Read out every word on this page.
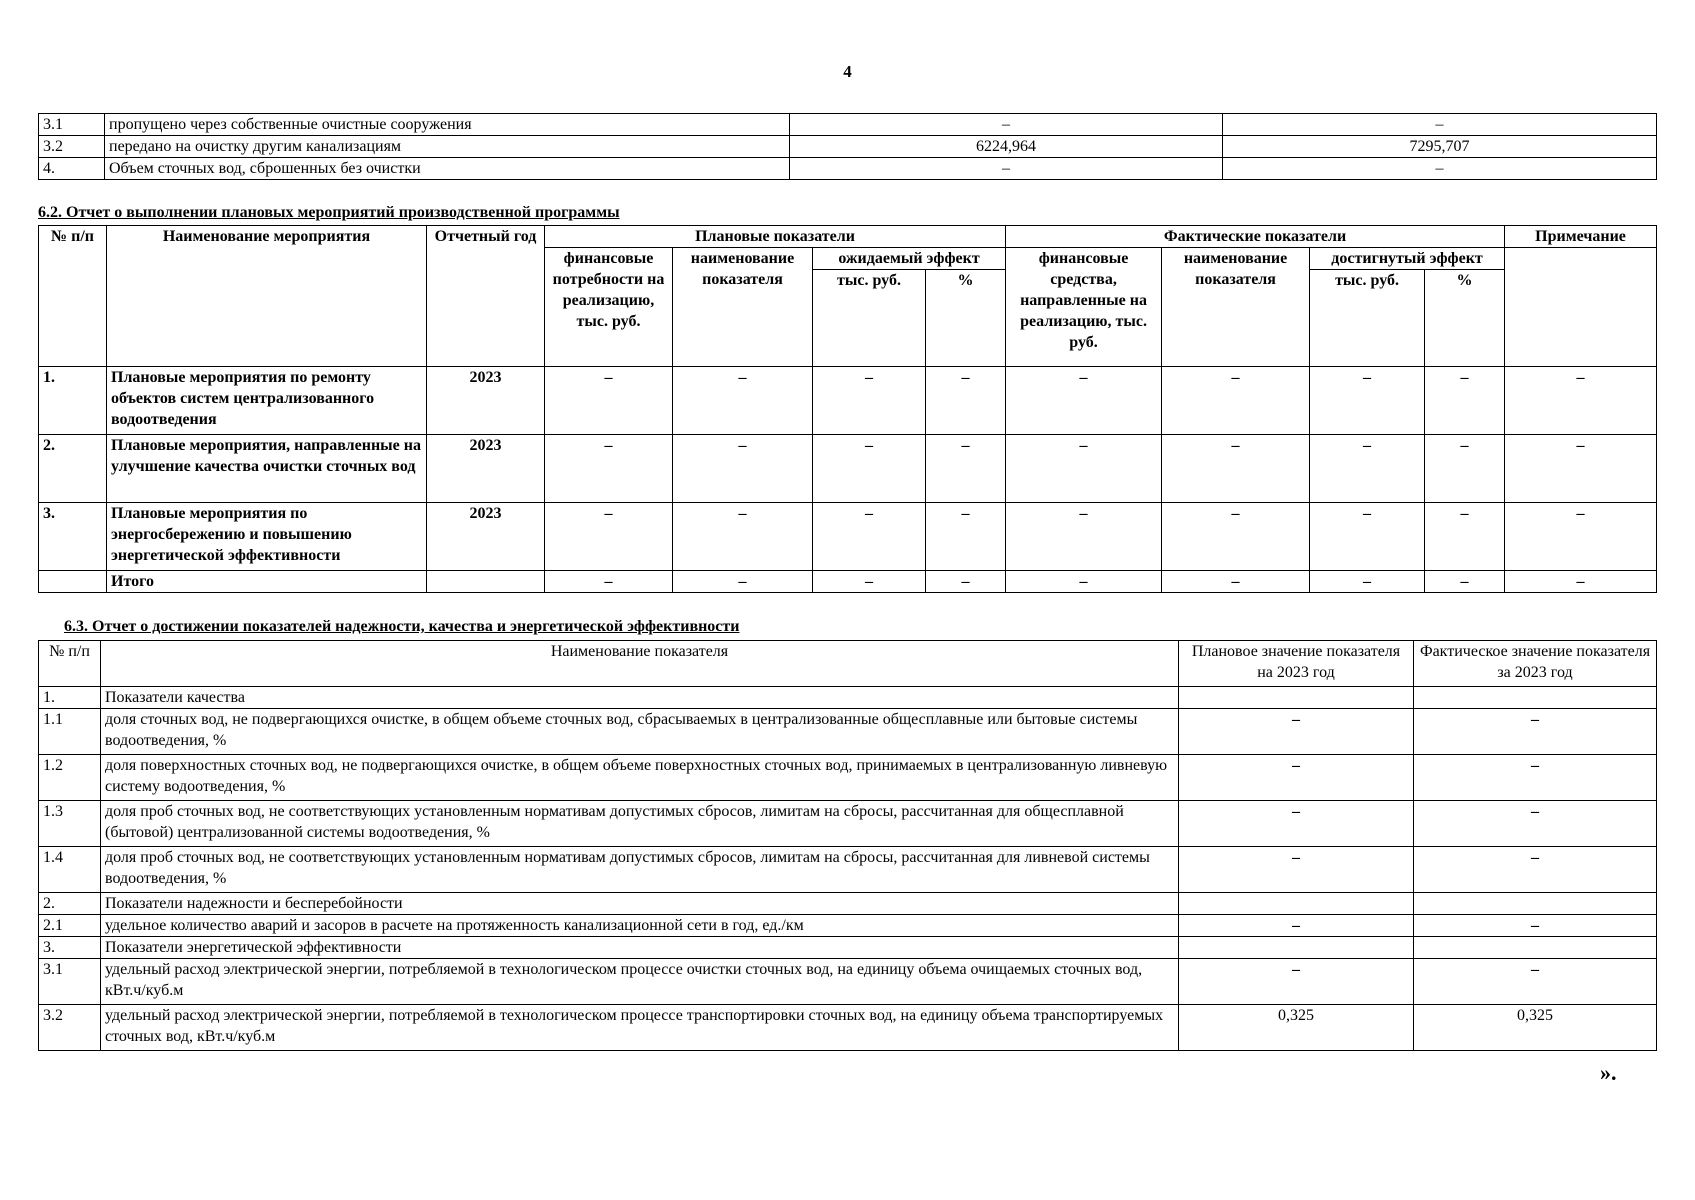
4
3.1	пропущено через собственные очистные сооружения	–	–
3.2	передано на очистку другим канализациям	6224,964	7295,707
4.	Объем сточных вод, сброшенных без очистки	–	–
6.2. Отчет о выполнении плановых мероприятий производственной программы
№ п/п	Наименование мероприятия	Отчетный год	Плановые показатели				Фактические показатели				Примечание
			финансовые потребности на реализацию, тыс. руб.	наименование показателя	ожидаемый эффект		финансовые средства, направленные на реализацию, тыс. руб.	наименование показателя	достигнутый эффект		
					тыс. руб.	%			тыс. руб.	%	
1.	Плановые мероприятия по ремонту объектов систем централизованного водоотведения	2023	–	–	–	–	–	–	–	–	–
2.	Плановые мероприятия, направленные на улучшение качества очистки сточных вод	2023	–	–	–	–	–	–	–	–	–
3.	Плановые мероприятия по энергосбережению и повышению энергетической эффективности	2023	–	–	–	–	–	–	–	–	–
	Итого		–	–	–	–	–	–	–	–	–
6.3. Отчет о достижении показателей надежности, качества и энергетической эффективности
№ п/п	Наименование показателя	Плановое значение показателя на 2023 год	Фактическое значение показателя за 2023 год
1.	Показатели качества		
1.1	доля сточных вод, не подвергающихся очистке, в общем объеме сточных вод, сбрасываемых в централизованные общесплавные или бытовые системы водоотведения, %	–	–
1.2	доля поверхностных сточных вод, не подвергающихся очистке, в общем объеме поверхностных сточных вод, принимаемых в централизованную ливневую систему водоотведения, %	–	–
1.3	доля проб сточных вод, не соответствующих установленным нормативам допустимых сбросов, лимитам на сбросы, рассчитанная для общесплавной (бытовой) централизованной системы водоотведения, %	–	–
1.4	доля проб сточных вод, не соответствующих установленным нормативам допустимых сбросов, лимитам на сбросы, рассчитанная для ливневой системы водоотведения, %	–	–
2.	Показатели надежности и бесперебойности		
2.1	удельное количество аварий и засоров в расчете на протяженность канализационной сети в год, ед./км	–	–
3.	Показатели энергетической эффективности		
3.1	удельный расход электрической энергии, потребляемой в технологическом процессе очистки сточных вод, на единицу объема очищаемых сточных вод, кВт.ч/куб.м	–	–
3.2	удельный расход электрической энергии, потребляемой в технологическом процессе транспортировки сточных вод, на единицу объема транспортируемых сточных вод, кВт.ч/куб.м	0,325	0,325
».
